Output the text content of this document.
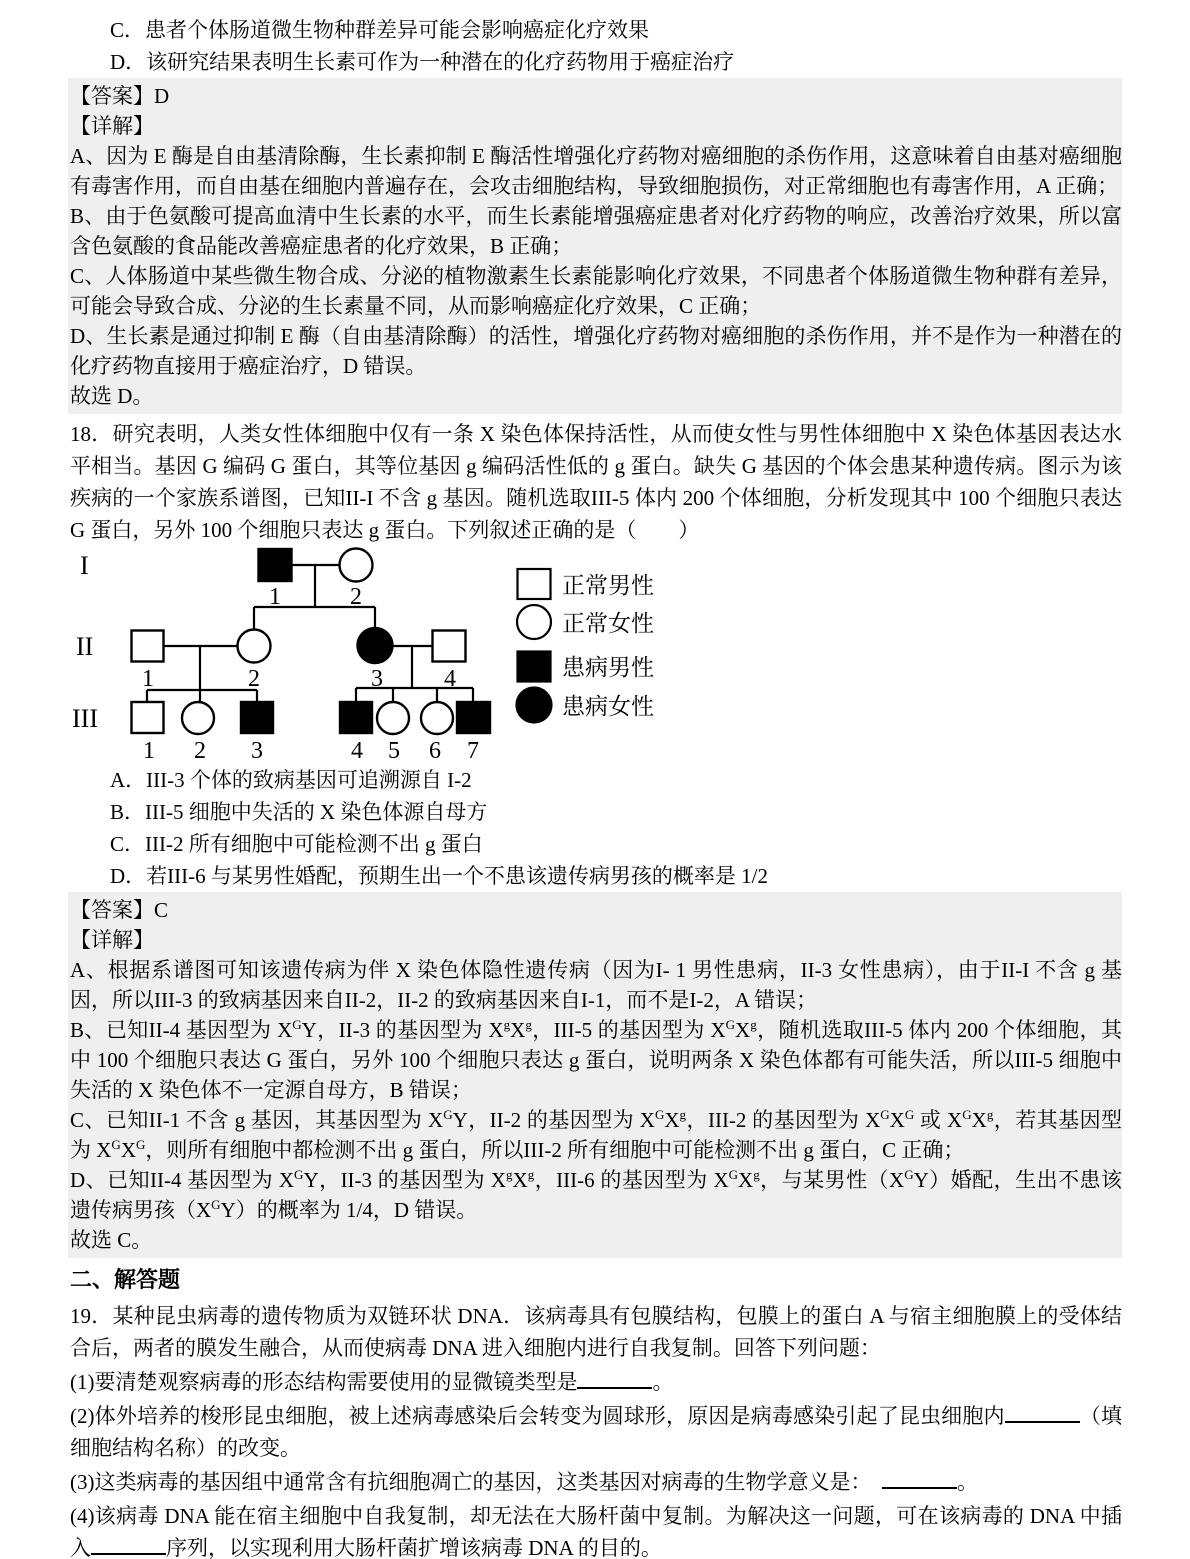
C．患者个体肠道微生物种群差异可能会影响癌症化疗效果

D．该研究结果表明生长素可作为一种潜在的化疗药物用于癌症治疗

【答案】D

【详解】

A、因为 E 酶是自由基清除酶，生长素抑制 E 酶活性增强化疗药物对癌细胞的杀伤作用，这意味着自由基对癌细胞有毒害作用，而自由基在细胞内普遍存在，会攻击细胞结构，导致细胞损伤，对正常细胞也有毒害作用，A 正确；

B、由于色氨酸可提高血清中生长素的水平，而生长素能增强癌症患者对化疗药物的响应，改善治疗效果，所以富含色氨酸的食品能改善癌症患者的化疗效果，B 正确；

C、人体肠道中某些微生物合成、分泌的植物激素生长素能影响化疗效果，不同患者个体肠道微生物种群有差异，可能会导致合成、分泌的生长素量不同，从而影响癌症化疗效果，C 正确；

D、生长素是通过抑制 E 酶（自由基清除酶）的活性，增强化疗药物对癌细胞的杀伤作用，并不是作为一种潜在的化疗药物直接用于癌症治疗，D 错误。

故选 D。

18．研究表明，人类女性体细胞中仅有一条 X 染色体保持活性，从而使女性与男性体细胞中 X 染色体基因表达水平相当。基因 G 编码 G 蛋白，其等位基因 g 编码活性低的 g 蛋白。缺失 G 基因的个体会患某种遗传病。图示为该疾病的一个家族系谱图，已知II-I 不含 g 基因。随机选取III-5 体内 200 个体细胞，分析发现其中 100 个细胞只表达 G 蛋白，另外 100 个细胞只表达 g 蛋白。下列叙述正确的是（　　）

I
II
III
1	2
1	2	3	4
1 2 3	4 5 6 7
正常男性
正常女性
患病男性
患病女性

A．III-3 个体的致病基因可追溯源自 I-2

B．III-5 细胞中失活的 X 染色体源自母方

C．III-2 所有细胞中可能检测不出 g 蛋白

D．若III-6 与某男性婚配，预期生出一个不患该遗传病男孩的概率是 1/2

【答案】C

【详解】

A、根据系谱图可知该遗传病为伴 X 染色体隐性遗传病（因为I- 1 男性患病，II-3 女性患病），由于II-I 不含 g 基因，所以III-3 的致病基因来自II-2，II-2 的致病基因来自I-1，而不是I-2，A 错误；

B、已知II-4 基因型为 $X^GY$，II-3 的基因型为 $X^gX^g$，III-5 的基因型为 $X^GX^g$，随机选取III-5 体内 200 个体细胞，其中 100 个细胞只表达 G 蛋白，另外 100 个细胞只表达 g 蛋白，说明两条 X 染色体都有可能失活，所以III-5 细胞中失活的 X 染色体不一定源自母方，B 错误；

C、已知II-1 不含 g 基因，其基因型为 $X^GY$，II-2 的基因型为 $X^GX^g$，III-2 的基因型为 $X^GX^G$ 或 $X^GX^g$，若其基因型为 $X^GX^G$，则所有细胞中都检测不出 g 蛋白，所以III-2 所有细胞中可能检测不出 g 蛋白，C 正确；

D、已知II-4 基因型为 $X^GY$，II-3 的基因型为 $X^gX^g$，III-6 的基因型为 $X^GX^g$，与某男性$(X^GY)$婚配，生出不患该遗传病男孩$(X^GY)$的概率为 1/4，D 错误。

故选 C。

二、解答题

19．某种昆虫病毒的遗传物质为双链环状 DNA．该病毒具有包膜结构，包膜上的蛋白 A 与宿主细胞膜上的受体结合后，两者的膜发生融合，从而使病毒 DNA 进入细胞内进行自我复制。回答下列问题：

(1)要清楚观察病毒的形态结构需要使用的显微镜类型是	。

(2)体外培养的梭形昆虫细胞，被上述病毒感染后会转变为圆球形，原因是病毒感染引起了昆虫细胞内	（填细胞结构名称）的改变。

(3)这类病毒的基因组中通常含有抗细胞凋亡的基因，这类基因对病毒的生物学意义是：　	。

(4)该病毒 DNA 能在宿主细胞中自我复制，却无法在大肠杆菌中复制。为解决这一问题，可在该病毒的 DNA 中插入	序列，以实现利用大肠杆菌扩增该病毒 DNA 的目的。
